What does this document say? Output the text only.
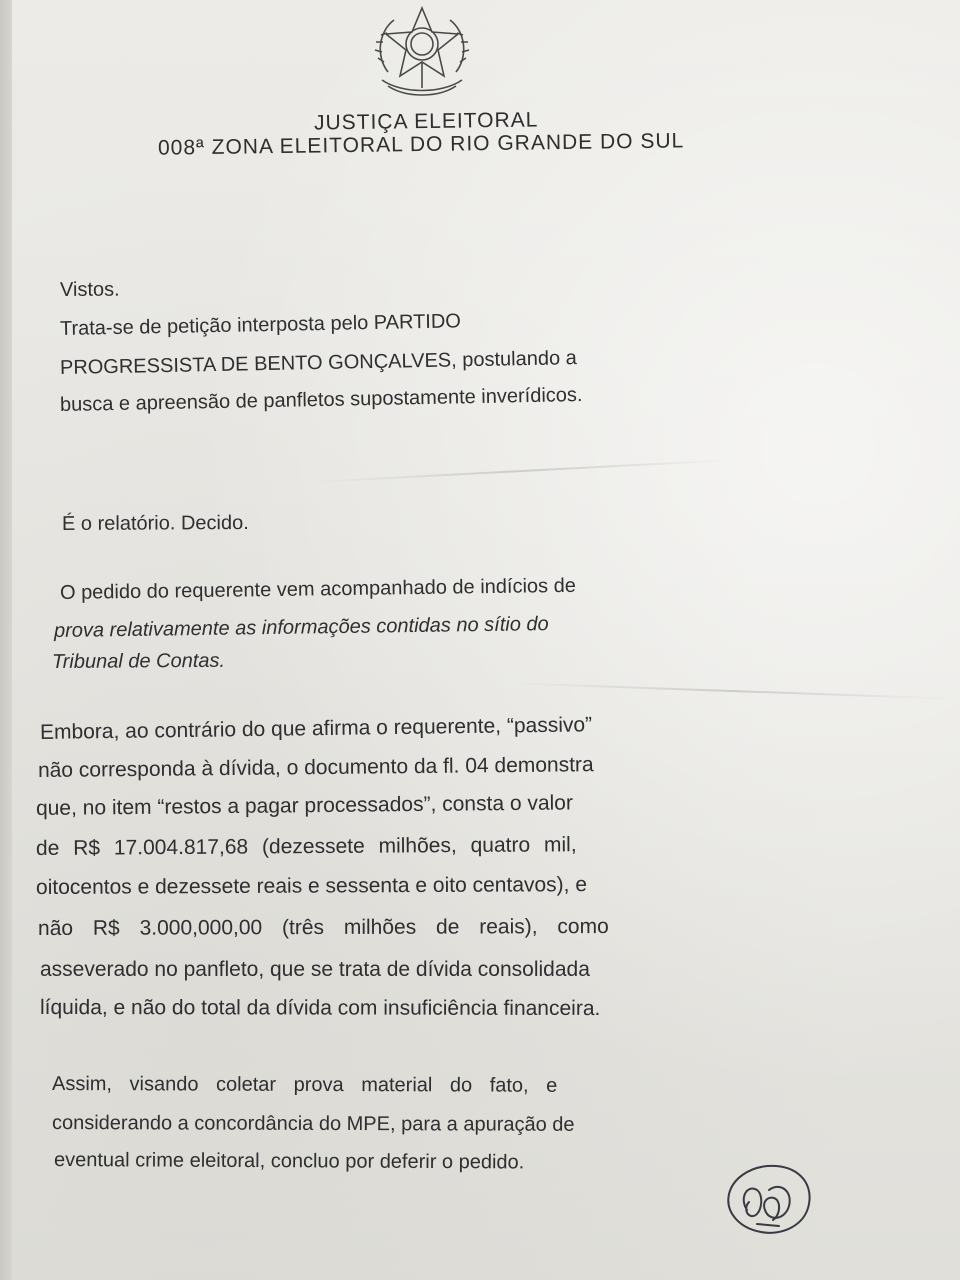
JUSTIÇA ELEITORAL
008ª ZONA ELEITORAL DO RIO GRANDE DO SUL
Vistos.
Trata-se de petição interposta pelo PARTIDO
PROGRESSISTA DE BENTO GONÇALVES, postulando a
busca e apreensão de panfletos supostamente inverídicos.
É o relatório. Decido.
O pedido do requerente vem acompanhado de indícios de
prova relativamente as informações contidas no sítio do
Tribunal de Contas.
Embora, ao contrário do que afirma o requerente, “passivo”
não corresponda à dívida, o documento da fl. 04 demonstra
que, no item “restos a pagar processados”, consta o valor
de R$ 17.004.817,68 (dezessete milhões, quatro mil,
oitocentos e dezessete reais e sessenta e oito centavos), e
não R$ 3.000,000,00 (três milhões de reais), como
asseverado no panfleto, que se trata de dívida consolidada
líquida, e não do total da dívida com insuficiência financeira.
Assim, visando coletar prova material do fato, e
considerando a concordância do MPE, para a apuração de
eventual crime eleitoral, concluo por deferir o pedido.
